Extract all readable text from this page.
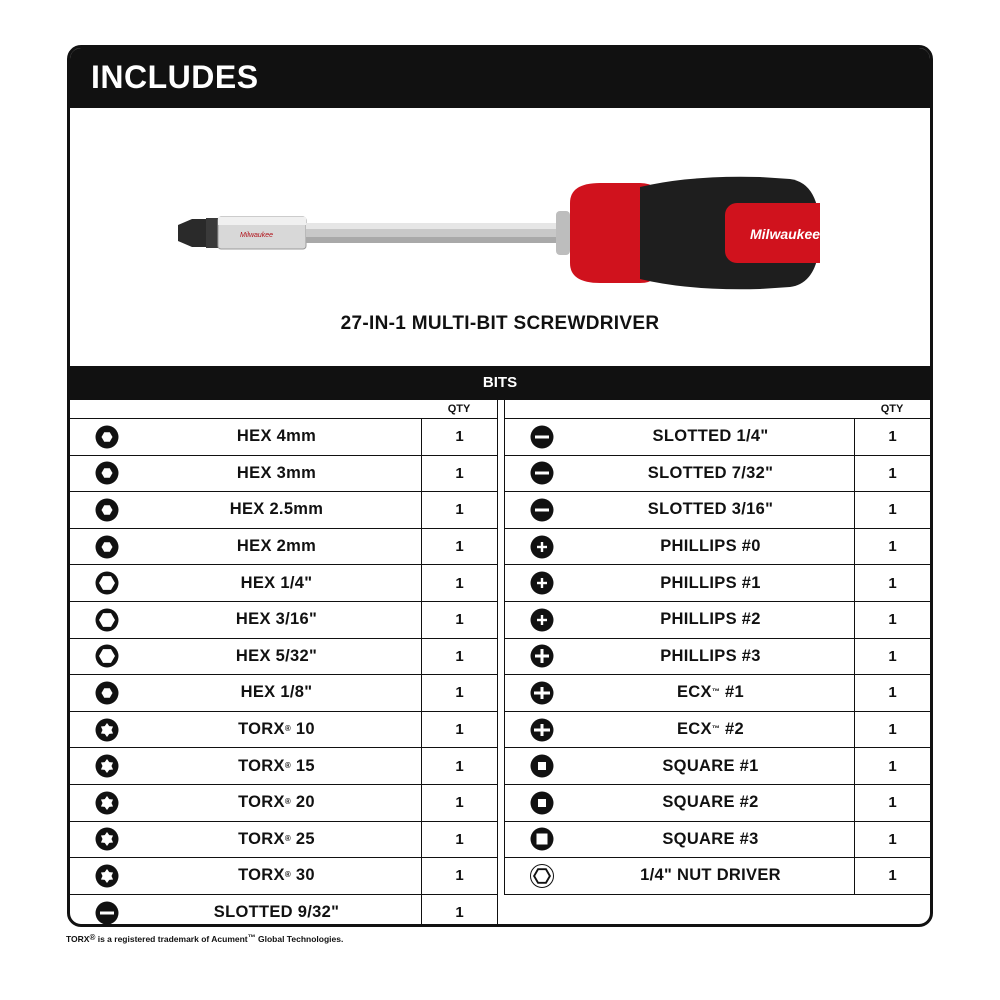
INCLUDES
Milwaukee	Milwaukee
27-IN-1 MULTI-BIT SCREWDRIVER
BITS
QTY
HEX 4mm	1
HEX 3mm	1
HEX 2.5mm	1
HEX 2mm	1
HEX 1/4"	1
HEX 3/16"	1
HEX 5/32"	1
HEX 1/8"	1
TORX® 10	1
TORX® 15	1
TORX® 20	1
TORX® 25	1
TORX® 30	1
SLOTTED 9/32"	1
QTY
SLOTTED 1/4"	1
SLOTTED 7/32"	1
SLOTTED 3/16"	1
PHILLIPS #0	1
PHILLIPS #1	1
PHILLIPS #2	1
PHILLIPS #3	1
ECX™ #1	1
ECX™ #2	1
SQUARE #1	1
SQUARE #2	1
SQUARE #3	1
1/4" NUT DRIVER	1
TORX® is a registered trademark of Acument™ Global Technologies.
